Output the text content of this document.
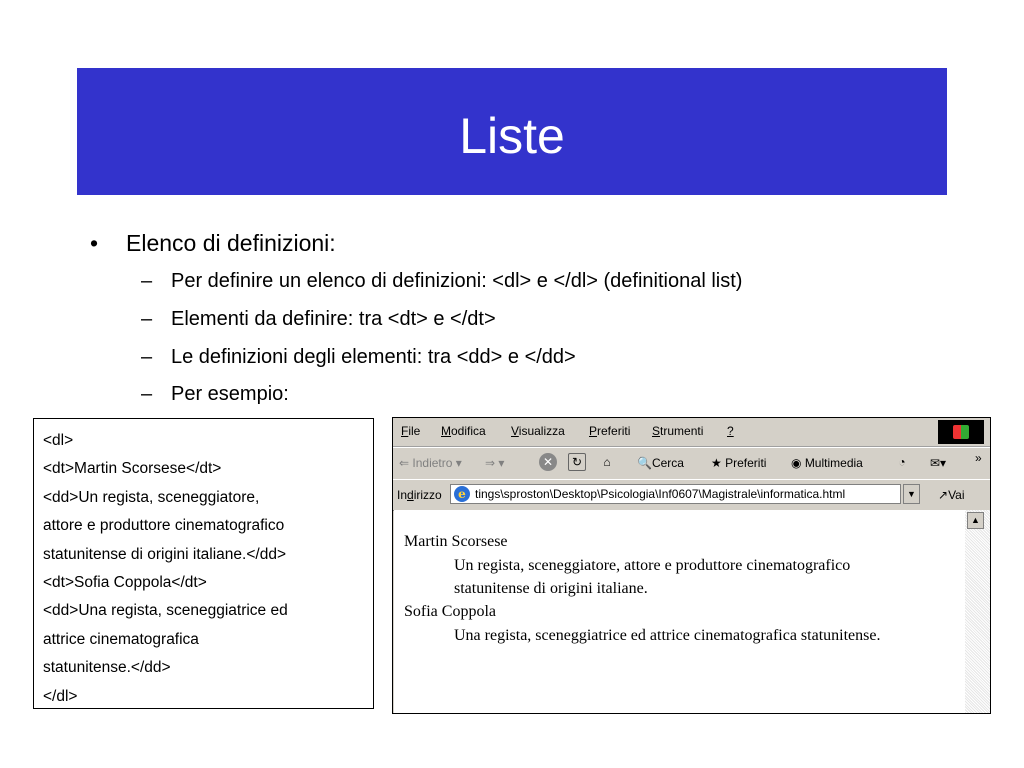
Liste
• Elenco di definizioni:
– Per definire un elenco di definizioni: <dl> e </dl> (definitional list)
– Elementi da definire: tra <dt> e </dt>
– Le definizioni degli elementi: tra <dd> e </dd>
– Per esempio:
<dl>
<dt>Martin Scorsese</dt>
<dd>Un regista, sceneggiatore,
attore e produttore cinematografico
statunitense di origini italiane.</dd>
<dt>Sofia Coppola</dt>
<dd>Una regista, sceneggiatrice ed
attrice cinematografica
statunitense.</dd>
</dl>
File Modifica Visualizza Preferiti Strumenti ?
⇐ Indietro ▾ ⇒ ▾	✕	↻	⌂	🔍Cerca ★ Preferiti ◉ Multimedia	◔	✉▾ »
Indirizzo	e tings\sproston\Desktop\Psicologia\Inf0607\Magistrale\informatica.html	▼	↗Vai
Martin Scorsese
Un regista, sceneggiatore, attore e produttore cinematografico
statunitense di origini italiane.
Sofia Coppola
Una regista, sceneggiatrice ed attrice cinematografica statunitense.
▲
